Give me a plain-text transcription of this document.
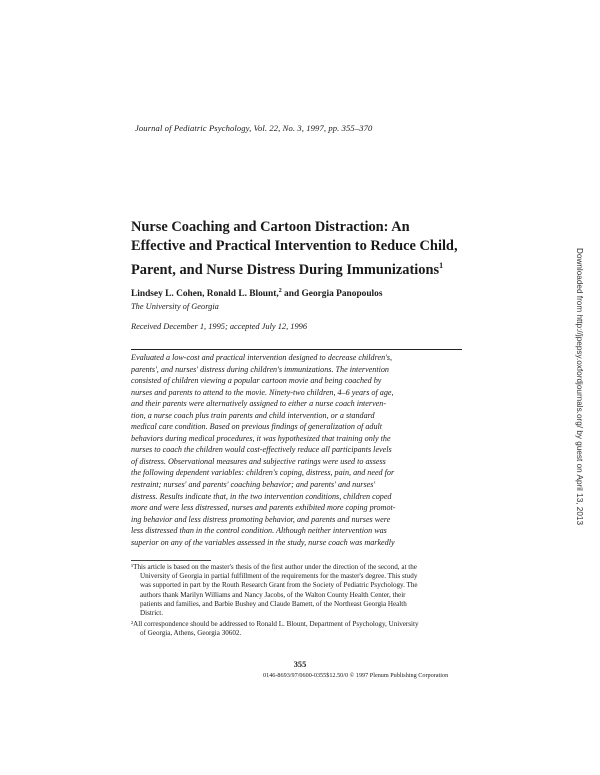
Journal of Pediatric Psychology, Vol. 22, No. 3, 1997, pp. 355–370
Nurse Coaching and Cartoon Distraction: An
Effective and Practical Intervention to Reduce Child,
Parent, and Nurse Distress During Immunizations$^1$
Lindsey L. Cohen, Ronald L. Blount,$^2$ and Georgia Panopoulos
The University of Georgia
Received December 1, 1995; accepted July 12, 1996
Evaluated a low-cost and practical intervention designed to decrease children's,
parents', and nurses' distress during children's immunizations. The intervention
consisted of children viewing a popular cartoon movie and being coached by
nurses and parents to attend to the movie. Ninety-two children, 4–6 years of age,
and their parents were alternatively assigned to either a nurse coach interven-
tion, a nurse coach plus train parents and child intervention, or a standard
medical care condition. Based on previous findings of generalization of adult
behaviors during medical procedures, it was hypothesized that training only the
nurses to coach the children would cost-effectively reduce all participants levels
of distress. Observational measures and subjective ratings were used to assess
the following dependent variables: children's coping, distress, pain, and need for
restraint; nurses' and parents' coaching behavior; and parents' and nurses'
distress. Results indicate that, in the two intervention conditions, children coped
more and were less distressed, nurses and parents exhibited more coping promot-
ing behavior and less distress promoting behavior, and parents and nurses were
less distressed than in the control condition. Although neither intervention was
superior on any of the variables assessed in the study, nurse coach was markedly
¹This article is based on the master's thesis of the first author under the direction of the second, at the
University of Georgia in partial fulfillment of the requirements for the master's degree. This study
was supported in part by the Routh Research Grant from the Society of Pediatric Psychology. The
authors thank Marilyn Williams and Nancy Jacobs, of the Walton County Health Center, their
patients and families, and Barbie Bushey and Claude Bamett, of the Northeast Georgia Health
District.
²All correspondence should be addressed to Ronald L. Blount, Department of Psychology, University
of Georgia, Athens, Georgia 30602.
355
0146-8693/97/0600-0355$12.50/0 © 1997 Plenum Publishing Corporation
Downloaded from http://jpepsy.oxfordjournals.org/ by guest on April 13, 2013
